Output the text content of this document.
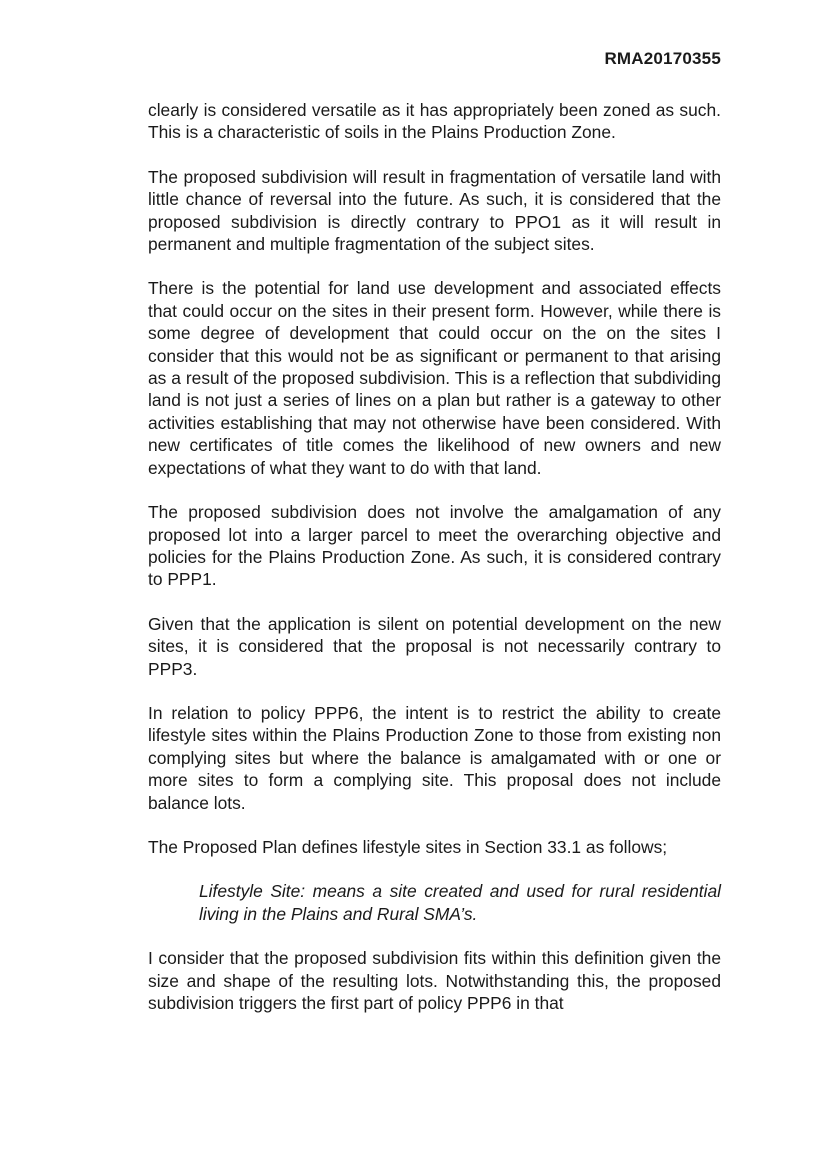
RMA20170355

clearly is considered versatile as it has appropriately been zoned as such. This is a characteristic of soils in the Plains Production Zone.

The proposed subdivision will result in fragmentation of versatile land with little chance of reversal into the future. As such, it is considered that the proposed subdivision is directly contrary to PPO1 as it will result in permanent and multiple fragmentation of the subject sites.

There is the potential for land use development and associated effects that could occur on the sites in their present form. However, while there is some degree of development that could occur on the on the sites I consider that this would not be as significant or permanent to that arising as a result of the proposed subdivision. This is a reflection that subdividing land is not just a series of lines on a plan but rather is a gateway to other activities establishing that may not otherwise have been considered. With new certificates of title comes the likelihood of new owners and new expectations of what they want to do with that land.

The proposed subdivision does not involve the amalgamation of any proposed lot into a larger parcel to meet the overarching objective and policies for the Plains Production Zone. As such, it is considered contrary to PPP1.

Given that the application is silent on potential development on the new sites, it is considered that the proposal is not necessarily contrary to PPP3.

In relation to policy PPP6, the intent is to restrict the ability to create lifestyle sites within the Plains Production Zone to those from existing non complying sites but where the balance is amalgamated with or one or more sites to form a complying site. This proposal does not include balance lots.

The Proposed Plan defines lifestyle sites in Section 33.1 as follows;

Lifestyle Site: means a site created and used for rural residential living in the Plains and Rural SMA’s.

I consider that the proposed subdivision fits within this definition given the size and shape of the resulting lots. Notwithstanding this, the proposed subdivision triggers the first part of policy PPP6 in that
